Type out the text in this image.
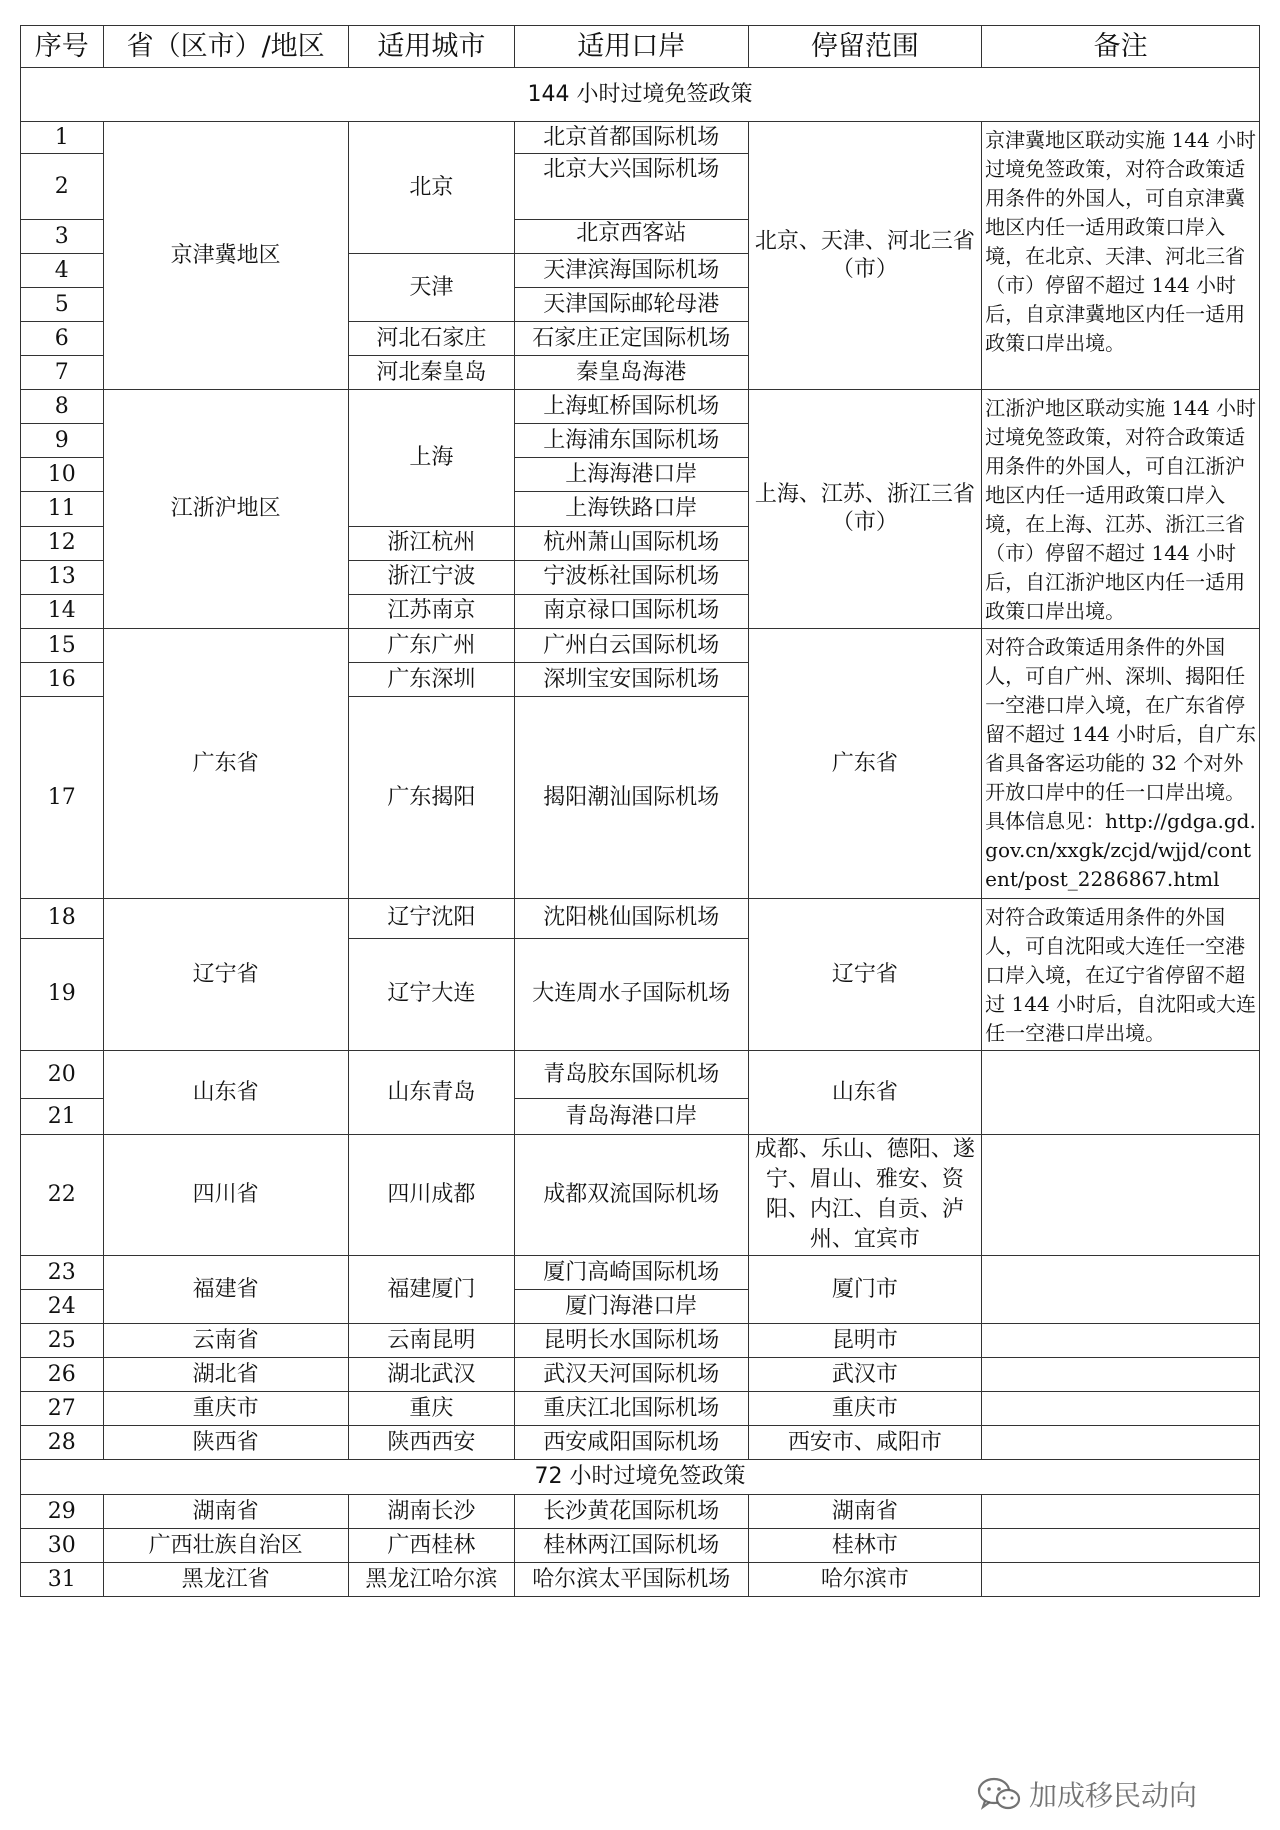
序号	省（区市）/地区	适用城市	适用口岸	停留范围	备注
144 小时过境免签政策					
1	京津冀地区	北京	北京首都国际机场	北京、天津、河北三省（市）	京津冀地区联动实施 144 小时过境免签政策，对符合政策适用条件的外国人，可自京津冀地区内任一适用政策口岸入境，在北京、天津、河北三省（市）停留不超过 144 小时后，自京津冀地区内任一适用政策口岸出境。
2			北京大兴国际机场		
3			北京西客站		
4		天津	天津滨海国际机场		
5			天津国际邮轮母港		
6		河北石家庄	石家庄正定国际机场		
7		河北秦皇岛	秦皇岛海港		
8	江浙沪地区	上海	上海虹桥国际机场	上海、江苏、浙江三省（市）	江浙沪地区联动实施 144 小时过境免签政策，对符合政策适用条件的外国人，可自江浙沪地区内任一适用政策口岸入境，在上海、江苏、浙江三省（市）停留不超过 144 小时后，自江浙沪地区内任一适用政策口岸出境。
9			上海浦东国际机场		
10			上海海港口岸		
11			上海铁路口岸		
12		浙江杭州	杭州萧山国际机场		
13		浙江宁波	宁波栎社国际机场		
14		江苏南京	南京禄口国际机场		
15	广东省	广东广州	广州白云国际机场	广东省	对符合政策适用条件的外国人，可自广州、深圳、揭阳任一空港口岸入境，在广东省停留不超过 144 小时后，自广东省具备客运功能的 32 个对外开放口岸中的任一口岸出境。具体信息见：http://gdga.gd.gov.cn/xxgk/zcjd/wjjd/content/post_2286867.html
16		广东深圳	深圳宝安国际机场		
17		广东揭阳	揭阳潮汕国际机场		
18	辽宁省	辽宁沈阳	沈阳桃仙国际机场	辽宁省	对符合政策适用条件的外国人，可自沈阳或大连任一空港口岸入境，在辽宁省停留不超过 144 小时后，自沈阳或大连任一空港口岸出境。
19		辽宁大连	大连周水子国际机场		
20	山东省	山东青岛	青岛胶东国际机场	山东省	
21			青岛海港口岸		
22	四川省	四川成都	成都双流国际机场	成都、乐山、德阳、遂宁、眉山、雅安、资阳、内江、自贡、泸州、宜宾市	
23	福建省	福建厦门	厦门高崎国际机场	厦门市	
24			厦门海港口岸		
25	云南省	云南昆明	昆明长水国际机场	昆明市	
26	湖北省	湖北武汉	武汉天河国际机场	武汉市	
27	重庆市	重庆	重庆江北国际机场	重庆市	
28	陕西省	陕西西安	西安咸阳国际机场	西安市、咸阳市	
72 小时过境免签政策					
29	湖南省	湖南长沙	长沙黄花国际机场	湖南省	
30	广西壮族自治区	广西桂林	桂林两江国际机场	桂林市	
31	黑龙江省	黑龙江哈尔滨	哈尔滨太平国际机场	哈尔滨市	
加成移民动向
